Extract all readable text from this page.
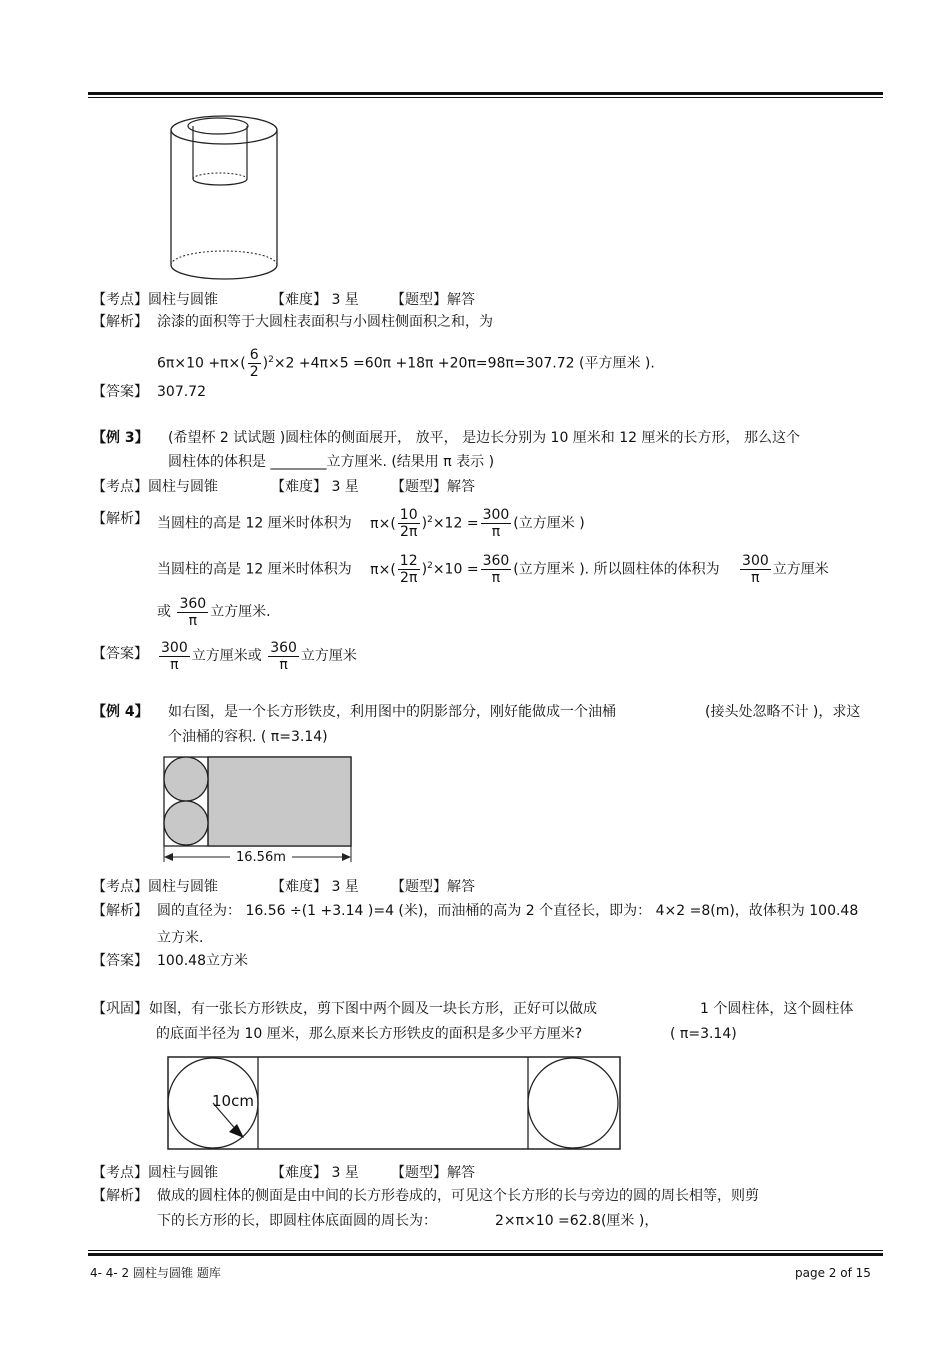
【考点】圆柱与圆锥	【难度】 3 星 【题型】解答
【解析】 涂漆的面积等于大圆柱表面积与小圆柱侧面积之和，为
$6\pi\times 10 +\pi\times( \frac{6}{2} )^2\times 2 +4\pi\times 5 =60\pi +18\pi +20\pi=98\pi=307.72$ (平方厘米 ).
【答案】 307.72
【例 3】 (希望杯 2 试试题 )圆柱体的侧面展开， 放平， 是边长分别为 10 厘米和 12 厘米的长方形， 那么这个
圆柱体的体积是 ________立方厘米. (结果用 π 表示 )
【考点】圆柱与圆锥	【难度】 3 星 【题型】解答
【解析】 当圆柱的高是 12 厘米时体积为 $\pi\times( \frac{10}{2\pi} )^2\times 12 = \frac{300}{\pi}$ (立方厘米 )
当圆柱的高是 12 厘米时体积为 $\pi\times( \frac{12}{2\pi} )^2\times 10 = \frac{360}{\pi}$ (立方厘米 ). 所以圆柱体的体积为 $\frac{300}{\pi}$ 立方厘米
或 $\frac{360}{\pi}$ 立方厘米.
【答案】 $\frac{300}{\pi}$ 立方厘米或 $\frac{360}{\pi}$ 立方厘米
【例 4】 如右图，是一个长方形铁皮，利用图中的阴影部分，刚好能做成一个油桶	(接头处忽略不计 )，求这
个油桶的容积. ( π=3.14)
16.56m
【考点】圆柱与圆锥	【难度】 3 星 【题型】解答
【解析】 圆的直径为： 16.56 ÷(1 +3.14 )=4 (米)，而油桶的高为 2 个直径长，即为： 4×2 =8(m)，故体积为 100.48
立方米.
【答案】 100.48立方米
【巩固】 如图，有一张长方形铁皮，剪下图中两个圆及一块长方形，正好可以做成	1 个圆柱体，这个圆柱体
的底面半径为 10 厘米，那么原来长方形铁皮的面积是多少平方厘米?	( π=3.14)
10cm
【考点】圆柱与圆锥	【难度】 3 星 【题型】解答
【解析】 做成的圆柱体的侧面是由中间的长方形卷成的，可见这个长方形的长与旁边的圆的周长相等，则剪
下的长方形的长，即圆柱体底面圆的周长为：	2×π×10 =62.8(厘米 )，
4- 4- 2 圆柱与圆锥 题库	page 2 of 15
